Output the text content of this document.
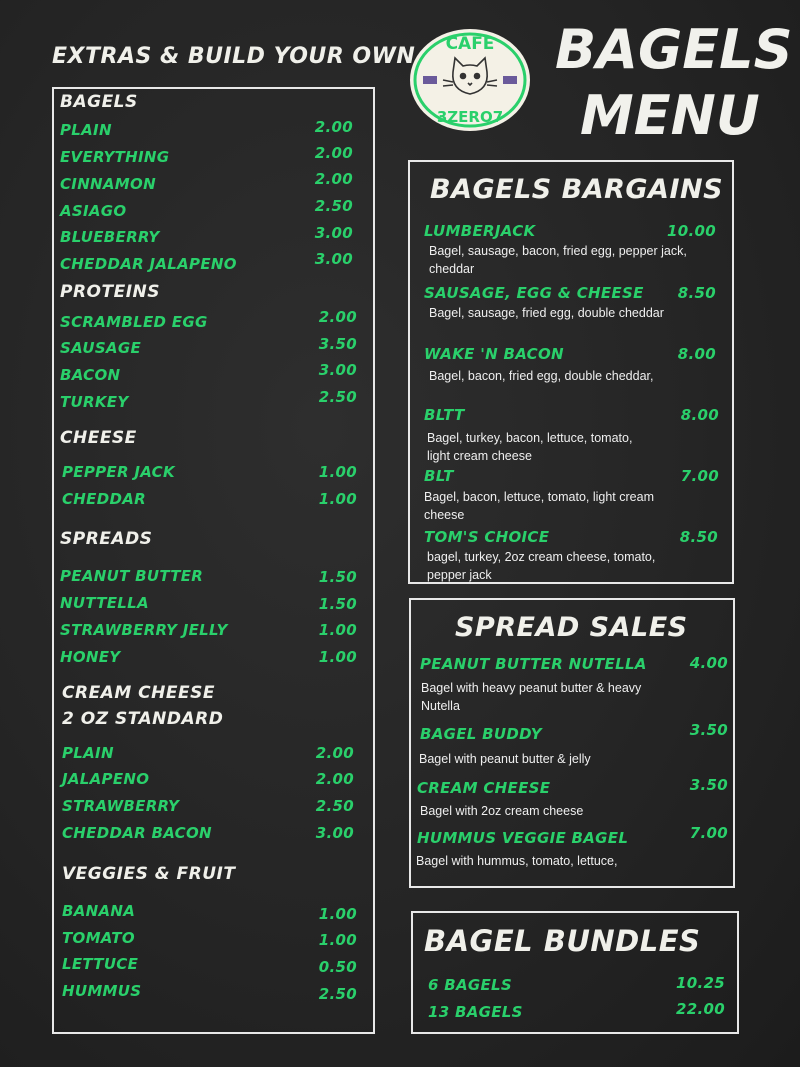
EXTRAS & BUILD YOUR OWN
BAGELS
PLAIN	2.00
EVERYTHING	2.00
CINNAMON	2.00
ASIAGO	2.50
BLUEBERRY	3.00
CHEDDAR JALAPENO	3.00
PROTEINS
SCRAMBLED EGG	2.00
SAUSAGE	3.50
BACON	3.00
TURKEY	2.50
CHEESE
PEPPER JACK	1.00
CHEDDAR	1.00
SPREADS
PEANUT BUTTER	1.50
NUTTELLA	1.50
STRAWBERRY JELLY	1.00
HONEY	1.00
CREAM CHEESE
2 OZ STANDARD
PLAIN	2.00
JALAPENO	2.00
STRAWBERRY	2.50
CHEDDAR BACON	3.00
VEGGIES & FRUIT
BANANA	1.00
TOMATO	1.00
LETTUCE	0.50
HUMMUS	2.50
CAFE
3ZERO7
BAGELS
MENU
BAGELS BARGAINS
LUMBERJACK	10.00
Bagel, sausage, bacon, fried egg, pepper jack, cheddar
SAUSAGE, EGG & CHEESE	8.50
Bagel, sausage, fried egg, double cheddar
WAKE 'N BACON	8.00
Bagel, bacon, fried egg, double cheddar,
BLTT	8.00
Bagel, turkey, bacon, lettuce, tomato, light cream cheese
BLT	7.00
Bagel, bacon, lettuce, tomato, light cream cheese
TOM'S CHOICE	8.50
bagel, turkey, 2oz cream cheese, tomato, pepper jack
SPREAD SALES
PEANUT BUTTER NUTELLA	4.00
Bagel with heavy peanut butter & heavy Nutella
BAGEL BUDDY	3.50
Bagel with peanut butter & jelly
CREAM CHEESE	3.50
Bagel with 2oz cream cheese
HUMMUS VEGGIE BAGEL	7.00
Bagel with hummus, tomato, lettuce,
BAGEL BUNDLES
6 BAGELS	10.25
13 BAGELS	22.00
